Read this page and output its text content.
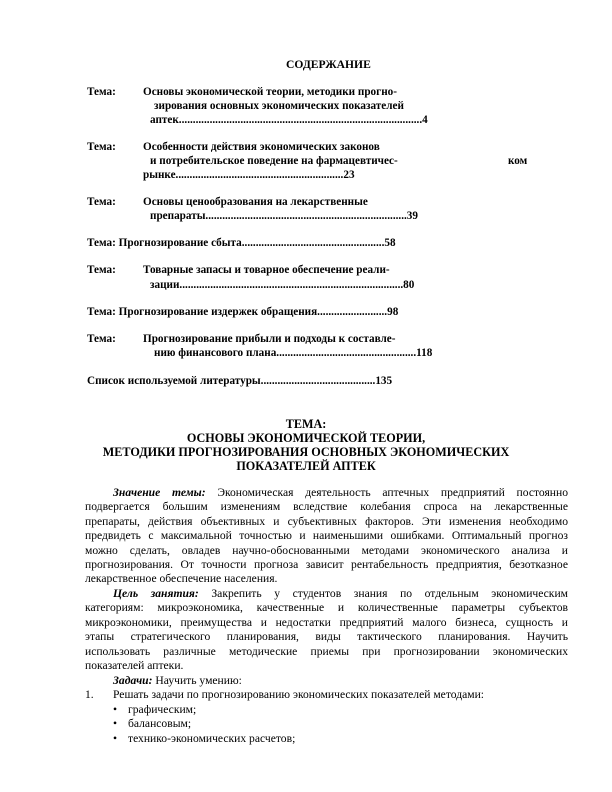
СОДЕРЖАНИЕ
Тема: Основы экономической теории, методики прогно-
зирования основных экономических показателей
аптек.......................................................................................4
Тема: Особенности действия экономических законов
и потребительское поведение на фармацевтичес-	ком
рынке............................................................23
Тема: Основы ценообразования на лекарственные
препараты........................................................................39
Тема: Прогнозирование сбыта...................................................58
Тема: Товарные запасы и товарное обеспечение реали-
зации................................................................................80
Тема: Прогнозирование издержек обращения.........................98
Тема: Прогнозирование прибыли и подходы к составле-
нию финансового плана..................................................118
Список используемой литературы.........................................135
ТЕМА:
ОСНОВЫ ЭКОНОМИЧЕСКОЙ ТЕОРИИ,
МЕТОДИКИ ПРОГНОЗИРОВАНИЯ ОСНОВНЫХ ЭКОНОМИЧЕСКИХ
ПОКАЗАТЕЛЕЙ АПТЕК
Значение темы: Экономическая деятельность аптечных предприятий постоянно
подвергается большим изменениям вследствие колебания спроса на лекарственные
препараты, действия объективных и субъективных факторов. Эти изменения необходимо
предвидеть с максимальной точностью и наименьшими ошибками. Оптимальный прогноз
можно сделать, овладев научно-обоснованными методами экономического анализа и
прогнозирования. От точности прогноза зависит рентабельность предприятия, безотказное
лекарственное обеспечение населения.
Цель занятия: Закрепить у студентов знания по отдельным экономическим
категориям: микроэкономика, качественные и количественные параметры субъектов
микроэкономики, преимущества и недостатки предприятий малого бизнеса, сущность и
этапы стратегического планирования, виды тактического планирования. Научить
использовать различные методические приемы при прогнозировании экономических
показателей аптеки.
Задачи: Научить умению:
1. Решать задачи по прогнозированию экономических показателей методами:
• графическим;
• балансовым;
• технико-экономических расчетов;
